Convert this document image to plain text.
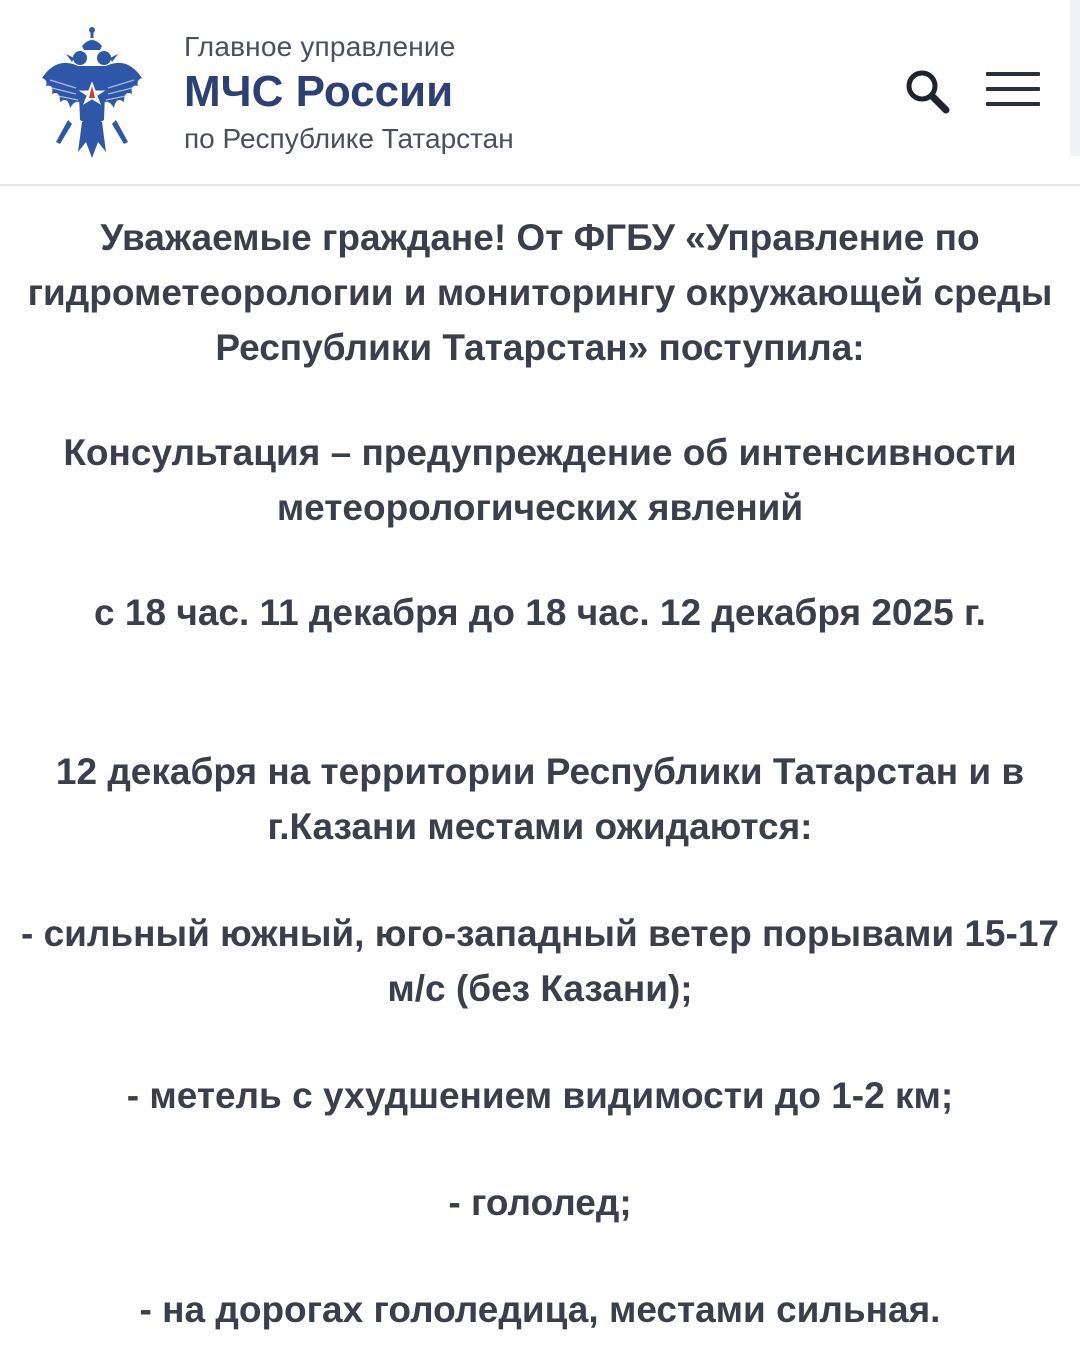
Главное управление
МЧС России
по Республике Татарстан

Уважаемые граждане! От ФГБУ «Управление по гидрометеорологии и мониторингу окружающей среды Республики Татарстан» поступила:

Консультация – предупреждение об интенсивности метеорологических явлений

с 18 час. 11 декабря до 18 час. 12 декабря 2025 г.

12 декабря на территории Республики Татарстан и в г.Казани местами ожидаются:

- сильный южный, юго-западный ветер порывами 15-17 м/с (без Казани);

- метель с ухудшением видимости до 1-2 км;

- гололед;

- на дорогах гололедица, местами сильная.
